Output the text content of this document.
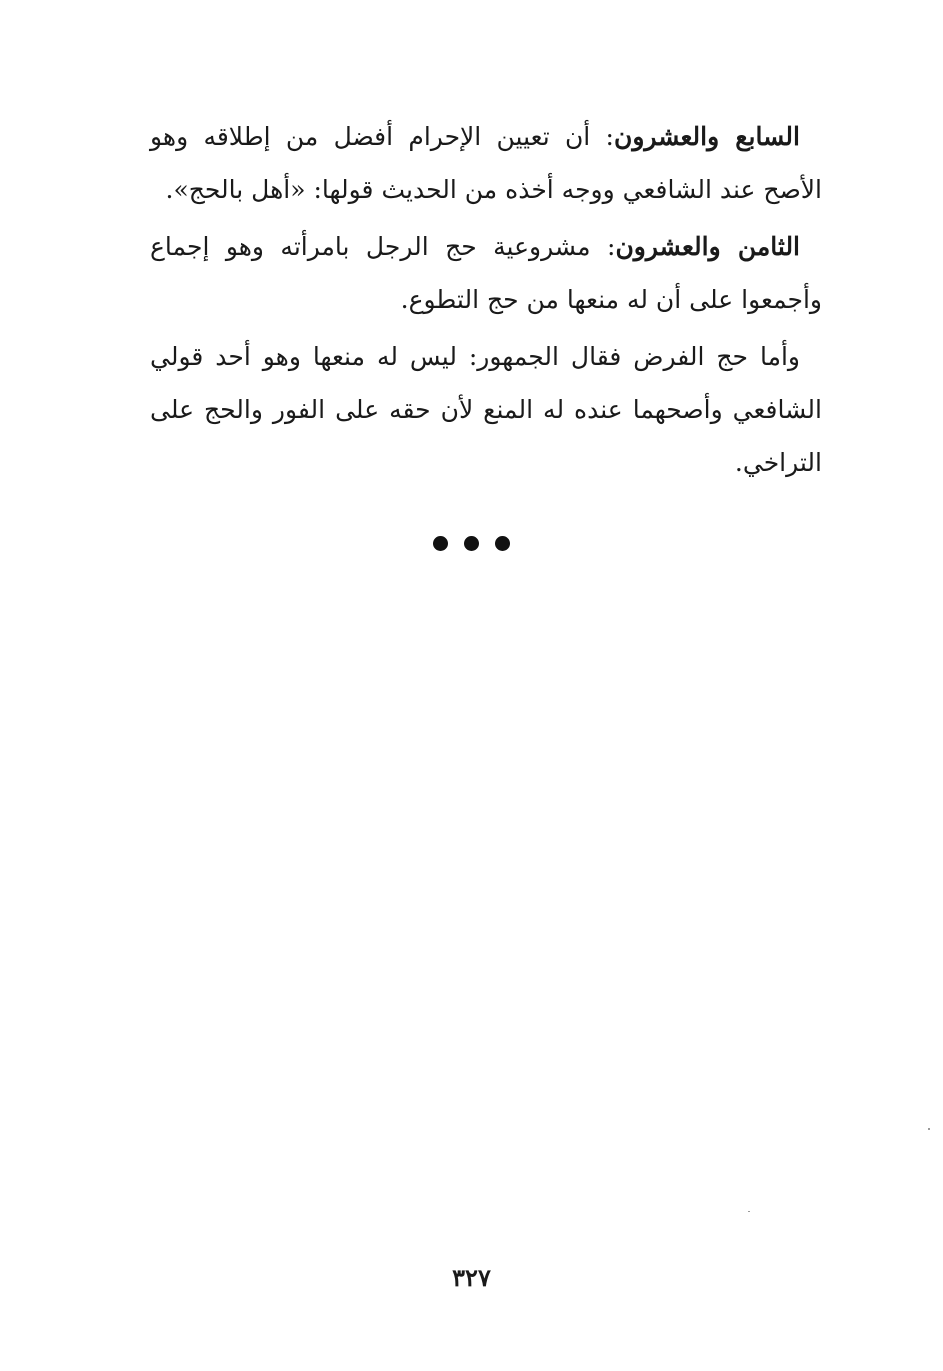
السابع والعشرون: أن تعيين الإحرام أفضل من إطلاقه وهو الأصح عند الشافعي ووجه أخذه من الحديث قولها: «أهل بالحج».

الثامن والعشرون: مشروعية حج الرجل بامرأته وهو إجماع وأجمعوا على أن له منعها من حج التطوع.

وأما حج الفرض فقال الجمهور: ليس له منعها وهو أحد قولي الشافعي وأصحهما عنده له المنع لأن حقه على الفور والحج على التراخي.

٣٢٧
